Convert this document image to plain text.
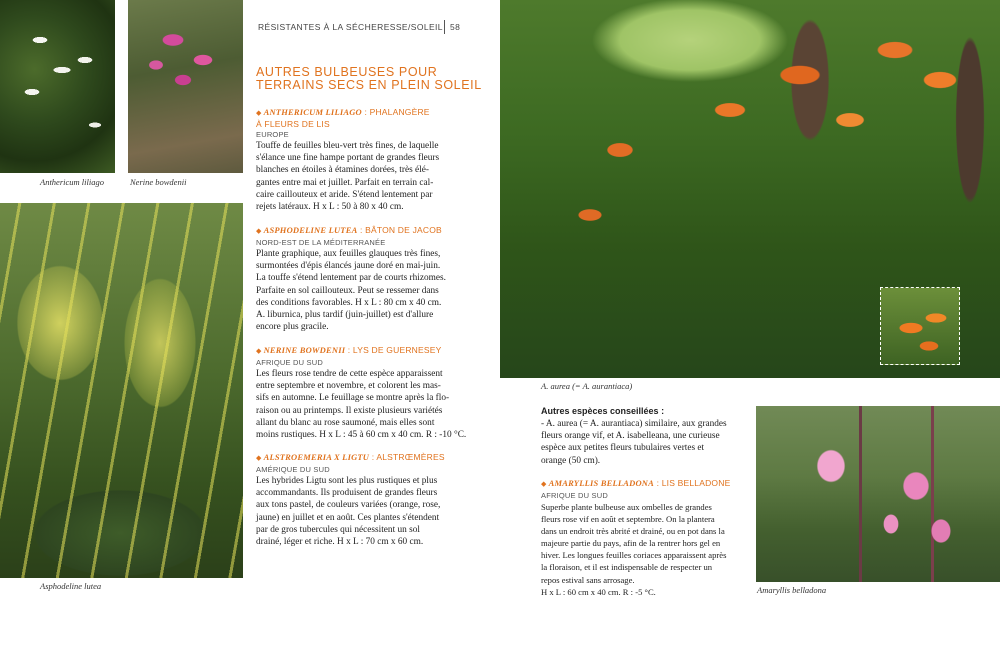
Anthericum liliago	Nerine bowdenii
Asphodeline lutea
A. aurea (= A. aurantiaca)
Amaryllis belladona
RÉSISTANTES À LA SÉCHERESSE/SOLEIL 58
AUTRES BULBEUSES POUR
TERRAINS SECS EN PLEIN SOLEIL
◆ ANTHERICUM LILIAGO : PHALANGÈRE
À FLEURS DE LIS
EUROPE
Touffe de feuilles bleu-vert très fines, de laquelle
s'élance une fine hampe portant de grandes fleurs
blanches en étoiles à étamines dorées, très élé-
gantes entre mai et juillet. Parfait en terrain cal-
caire caillouteux et aride. S'étend lentement par
rejets latéraux. H x L : 50 à 80 x 40 cm.
◆ ASPHODELINE LUTEA : BÂTON DE JACOB
NORD-EST DE LA MÉDITERRANÉE
Plante graphique, aux feuilles glauques très fines,
surmontées d'épis élancés jaune doré en mai-juin.
La touffe s'étend lentement par de courts rhizomes.
Parfaite en sol caillouteux. Peut se ressemer dans
des conditions favorables. H x L : 80 cm x 40 cm.
A. liburnica, plus tardif (juin-juillet) est d'allure
encore plus gracile.
◆ NERINE BOWDENII : LYS DE GUERNESEY
AFRIQUE DU SUD
Les fleurs rose tendre de cette espèce apparaissent
entre septembre et novembre, et colorent les mas-
sifs en automne. Le feuillage se montre après la flo-
raison ou au printemps. Il existe plusieurs variétés
allant du blanc au rose saumoné, mais elles sont
moins rustiques. H x L : 45 à 60 cm x 40 cm. R : -10 °C.
◆ ALSTROEMERIA X LIGTU : ALSTRŒMÈRES
AMÉRIQUE DU SUD
Les hybrides Ligtu sont les plus rustiques et plus
accommandants. Ils produisent de grandes fleurs
aux tons pastel, de couleurs variées (orange, rose,
jaune) en juillet et en août. Ces plantes s'étendent
par de gros tubercules qui nécessitent un sol
drainé, léger et riche. H x L : 70 cm x 60 cm.
Autres espèces conseillées :
- A. aurea (= A. aurantiaca) similaire, aux grandes
fleurs orange vif, et A. isabelleana, une curieuse
espèce aux petites fleurs tubulaires vertes et
orange (50 cm).
◆ AMARYLLIS BELLADONA : LIS BELLADONE
AFRIQUE DU SUD
Superbe plante bulbeuse aux ombelles de grandes
fleurs rose vif en août et septembre. On la plantera
dans un endroit très abrité et drainé, ou en pot dans la
majeure partie du pays, afin de la rentrer hors gel en
hiver. Les longues feuilles coriaces apparaissent après
la floraison, et il est indispensable de respecter un
repos estival sans arrosage.
H x L : 60 cm x 40 cm. R : -5 °C.
